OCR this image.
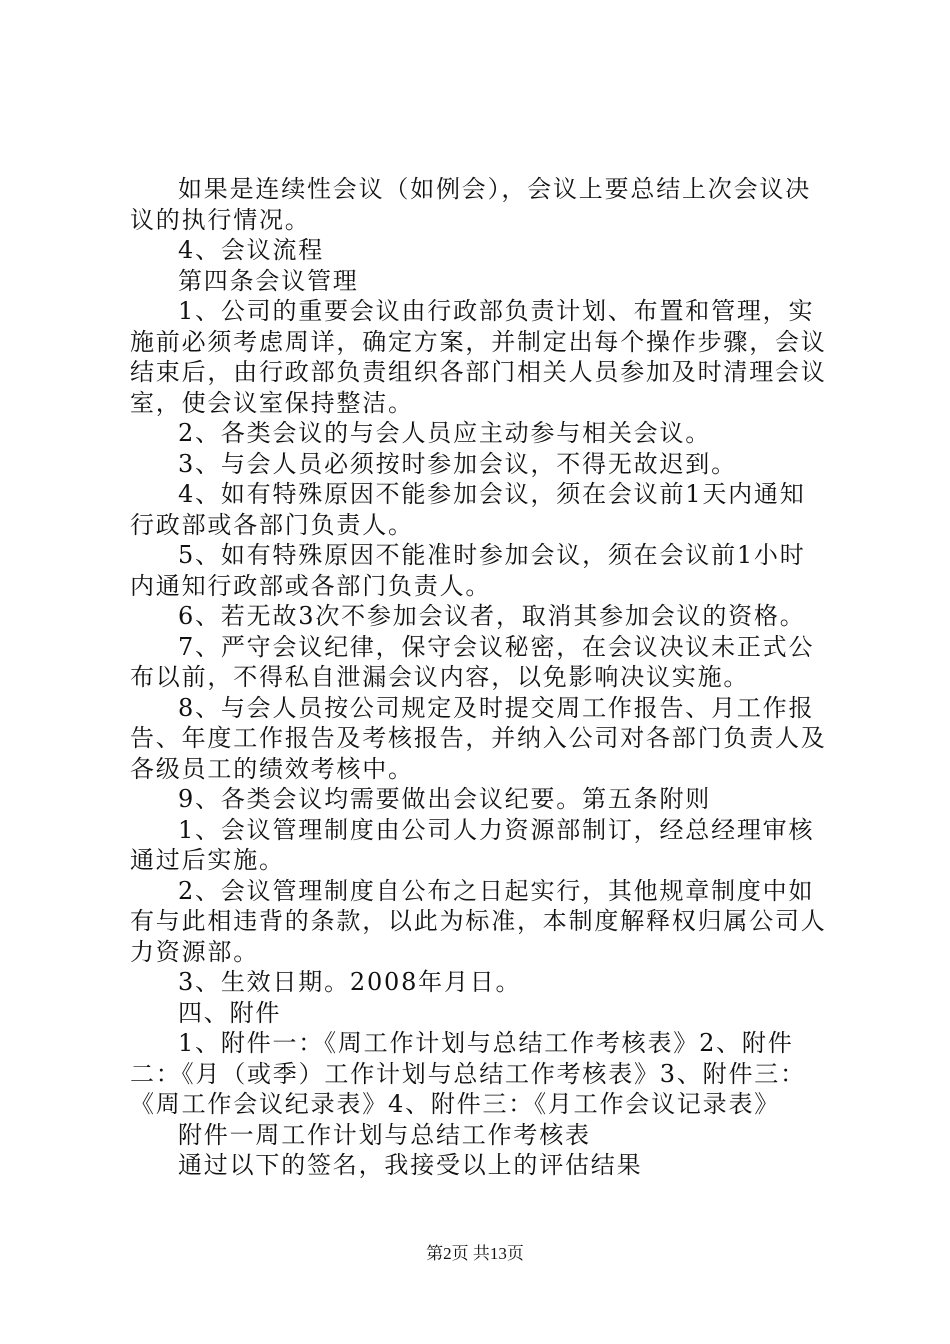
如果是连续性会议（如例会），会议上要总结上次会议决议的执行情况。

4、会议流程

第四条会议管理

1、公司的重要会议由行政部负责计划、布置和管理，实施前必须考虑周详，确定方案，并制定出每个操作步骤，会议结束后，由行政部负责组织各部门相关人员参加及时清理会议室，使会议室保持整洁。

2、各类会议的与会人员应主动参与相关会议。

3、与会人员必须按时参加会议，不得无故迟到。

4、如有特殊原因不能参加会议，须在会议前1天内通知行政部或各部门负责人。

5、如有特殊原因不能准时参加会议，须在会议前1小时内通知行政部或各部门负责人。

6、若无故3次不参加会议者，取消其参加会议的资格。

7、严守会议纪律，保守会议秘密，在会议决议未正式公布以前，不得私自泄漏会议内容，以免影响决议实施。

8、与会人员按公司规定及时提交周工作报告、月工作报告、年度工作报告及考核报告，并纳入公司对各部门负责人及各级员工的绩效考核中。

9、各类会议均需要做出会议纪要。第五条附则

1、会议管理制度由公司人力资源部制订，经总经理审核通过后实施。

2、会议管理制度自公布之日起实行，其他规章制度中如有与此相违背的条款，以此为标准，本制度解释权归属公司人力资源部。

3、生效日期。2008年月日。

四、附件

1、附件一：《周工作计划与总结工作考核表》2、附件二：《月（或季）工作计划与总结工作考核表》3、附件三：《周工作会议纪录表》4、附件三：《月工作会议记录表》

附件一周工作计划与总结工作考核表

通过以下的签名，我接受以上的评估结果

第2页 共13页
